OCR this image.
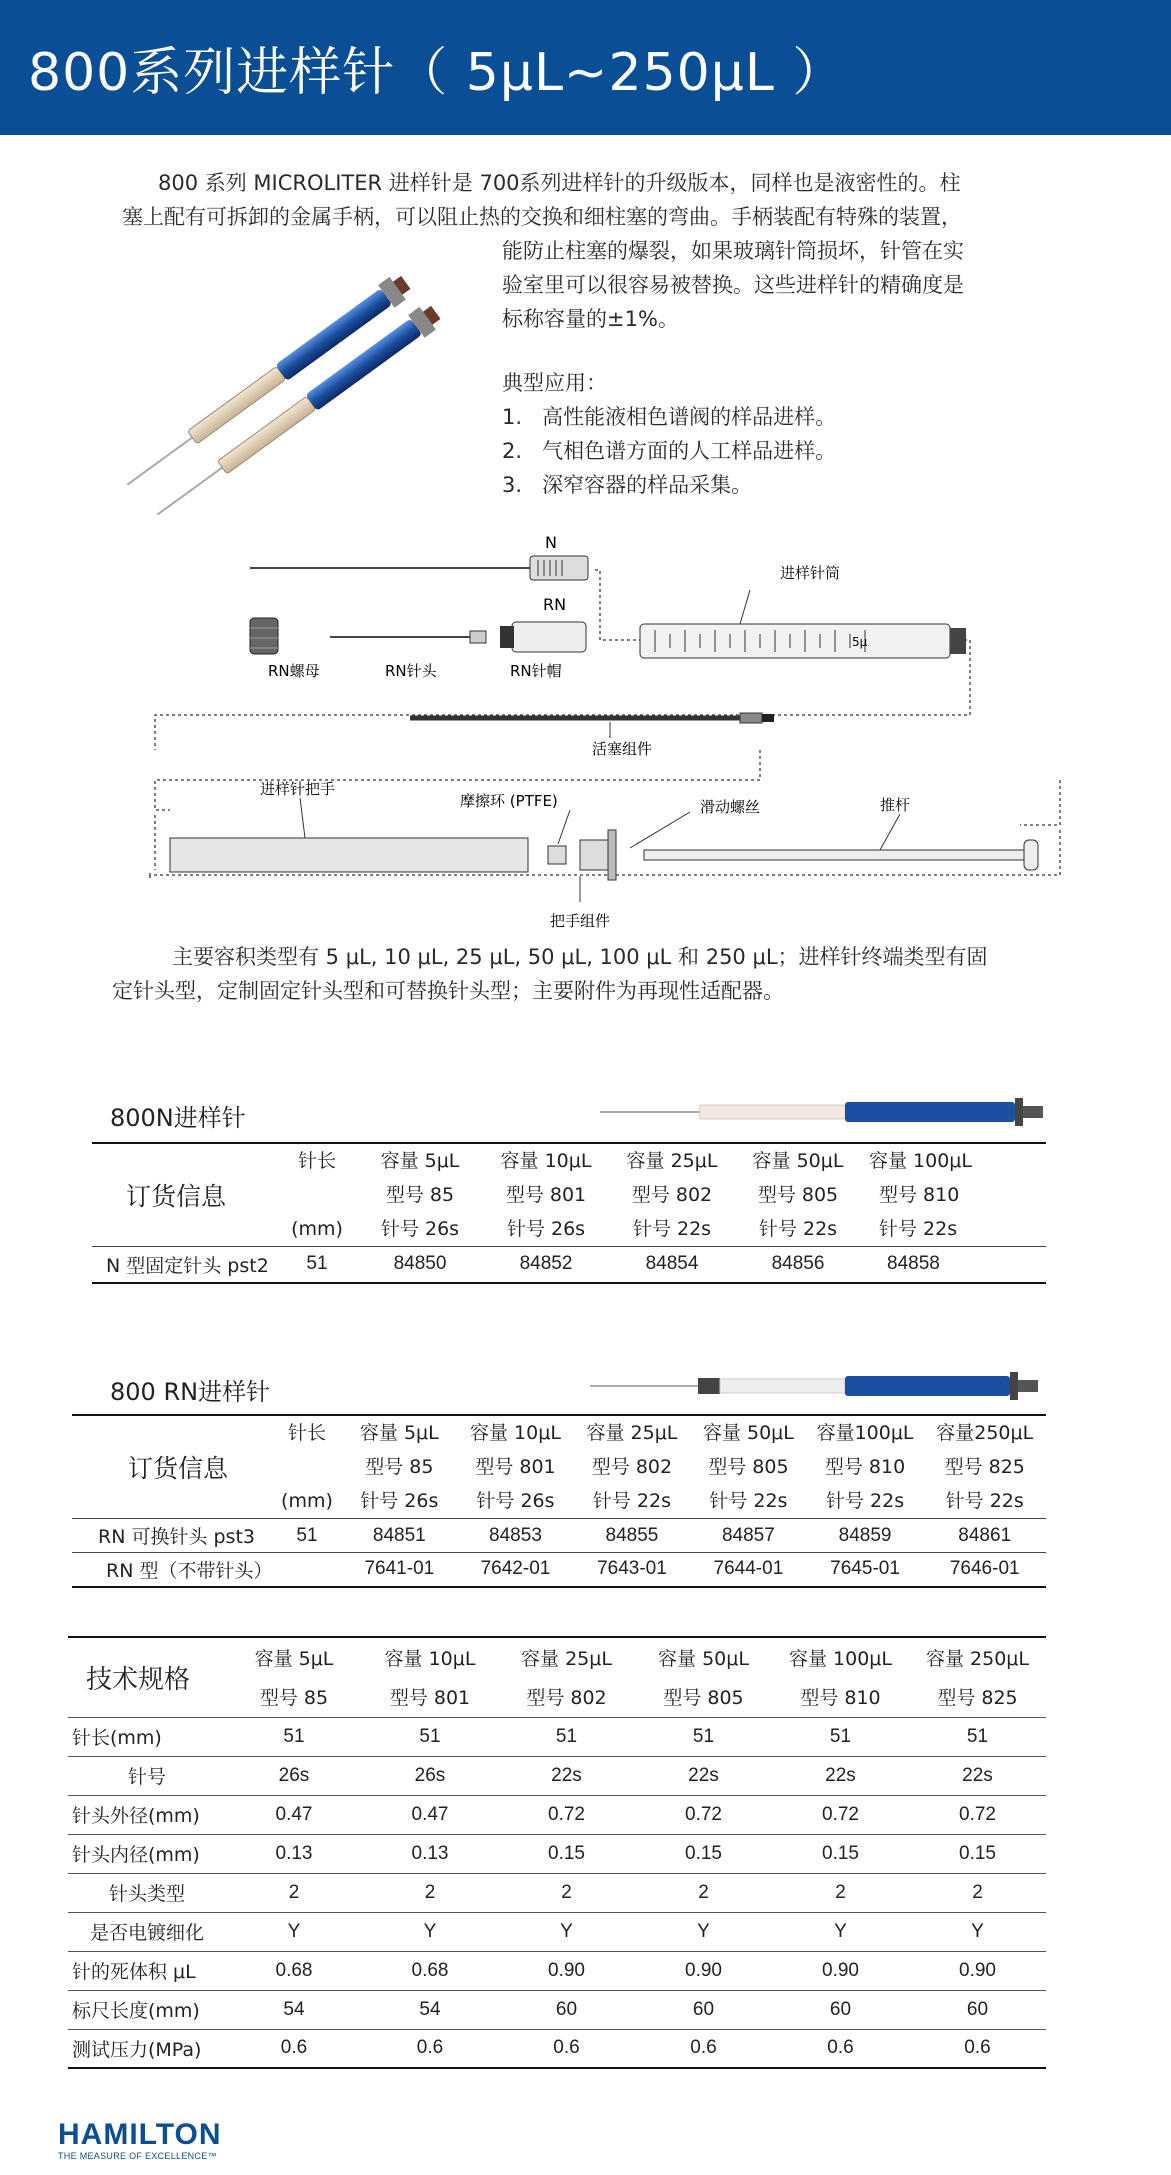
800系列进样针（ 5μL~250μL ）
800 系列 MICROLITER 进样针是 700系列进样针的升级版本，同样也是液密性的。柱
塞上配有可拆卸的金属手柄，可以阻止热的交换和细柱塞的弯曲。手柄装配有特殊的装置，
能防止柱塞的爆裂，如果玻璃针筒损坏，针管在实
验室里可以很容易被替换。这些进样针的精确度是
标称容量的±1%。
典型应用：
1. 高性能液相色谱阀的样品进样。
2. 气相色谱方面的人工样品进样。
3. 深窄容器的样品采集。
N
RN螺母	RN针头
RN
RN针帽
5μ
进样针筒
活塞组件
进样针把手
摩擦环 (PTFE)	滑动螺丝	推杆
把手组件
主要容积类型有 5 μL, 10 μL, 25 μL, 50 μL, 100 μL 和 250 μL；进样针终端类型有固
定针头型，定制固定针头型和可替换针头型；主要附件为再现性适配器。
800N进样针
订货信息	针长	容量 5μL	容量 10μL	容量 25μL	容量 50μL	容量 100μL
		型号 85	型号 801	型号 802	型号 805	型号 810
	(mm)	针号 26s	针号 26s	针号 22s	针号 22s	针号 22s
N 型固定针头 pst2	51	84850	84852	84854	84856	84858
800 RN进样针
订货信息	针长	容量 5μL	容量 10μL	容量 25μL	容量 50μL	容量100μL	容量250μL
		型号 85	型号 801	型号 802	型号 805	型号 810	型号 825
	(mm)	针号 26s	针号 26s	针号 22s	针号 22s	针号 22s	针号 22s
RN 可换针头 pst3	51	84851	84853	84855	84857	84859	84861
RN 型（不带针头）		7641-01	7642-01	7643-01	7644-01	7645-01	7646-01
技术规格	容量 5μL	容量 10μL	容量 25μL	容量 50μL	容量 100μL	容量 250μL
	型号 85	型号 801	型号 802	型号 805	型号 810	型号 825
针长(mm)	51	51	51	51	51	51
针号	26s	26s	22s	22s	22s	22s
针头外径(mm)	0.47	0.47	0.72	0.72	0.72	0.72
针头内径(mm)	0.13	0.13	0.15	0.15	0.15	0.15
针头类型	2	2	2	2	2	2
是否电镀细化	Y	Y	Y	Y	Y	Y
针的死体积 μL	0.68	0.68	0.90	0.90	0.90	0.90
标尺长度(mm)	54	54	60	60	60	60
测试压力(MPa)	0.6	0.6	0.6	0.6	0.6	0.6
HAMILTON
THE MEASURE OF EXCELLENCE™
